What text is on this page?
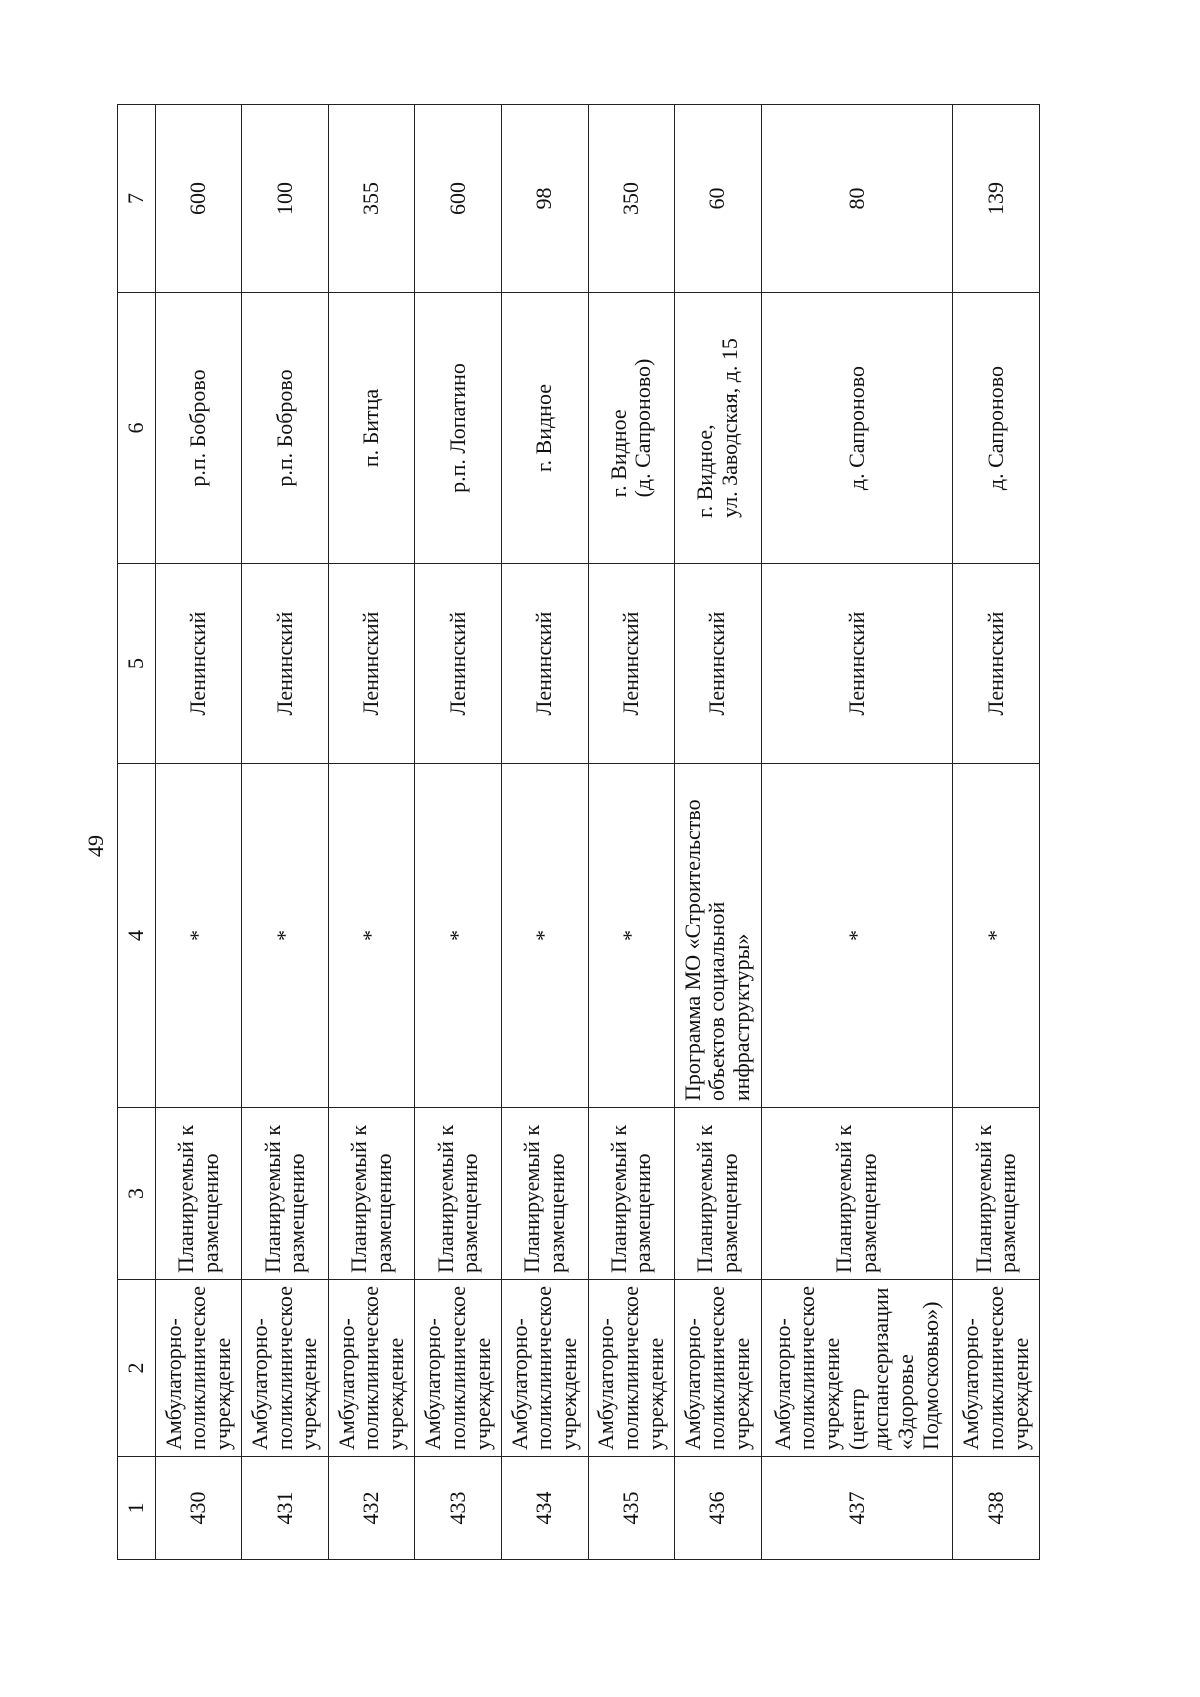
49
1	2	3	4	5	6	7
430	Амбулаторно-поликлиническое учреждение	Планируемый к размещению	*	Ленинский	р.п. Боброво	600
431	Амбулаторно-поликлиническое учреждение	Планируемый к размещению	*	Ленинский	р.п. Боброво	100
432	Амбулаторно-поликлиническое учреждение	Планируемый к размещению	*	Ленинский	п. Битца	355
433	Амбулаторно-поликлиническое учреждение	Планируемый к размещению	*	Ленинский	р.п. Лопатино	600
434	Амбулаторно-поликлиническое учреждение	Планируемый к размещению	*	Ленинский	г. Видное	98
435	Амбулаторно-поликлиническое учреждение	Планируемый к размещению	*	Ленинский	г. Видное (д. Сапроново)	350
436	Амбулаторно-поликлиническое учреждение	Планируемый к размещению	Программа МО «Строительство объектов социальной инфраструктуры»	Ленинский	г. Видное, ул. Заводская, д. 15	60
437	Амбулаторно-поликлиническое учреждение (центр диспансеризации «Здоровье Подмосковью»)	Планируемый к размещению	*	Ленинский	д. Сапроново	80
438	Амбулаторно-поликлиническое учреждение	Планируемый к размещению	*	Ленинский	д. Сапроново	139
